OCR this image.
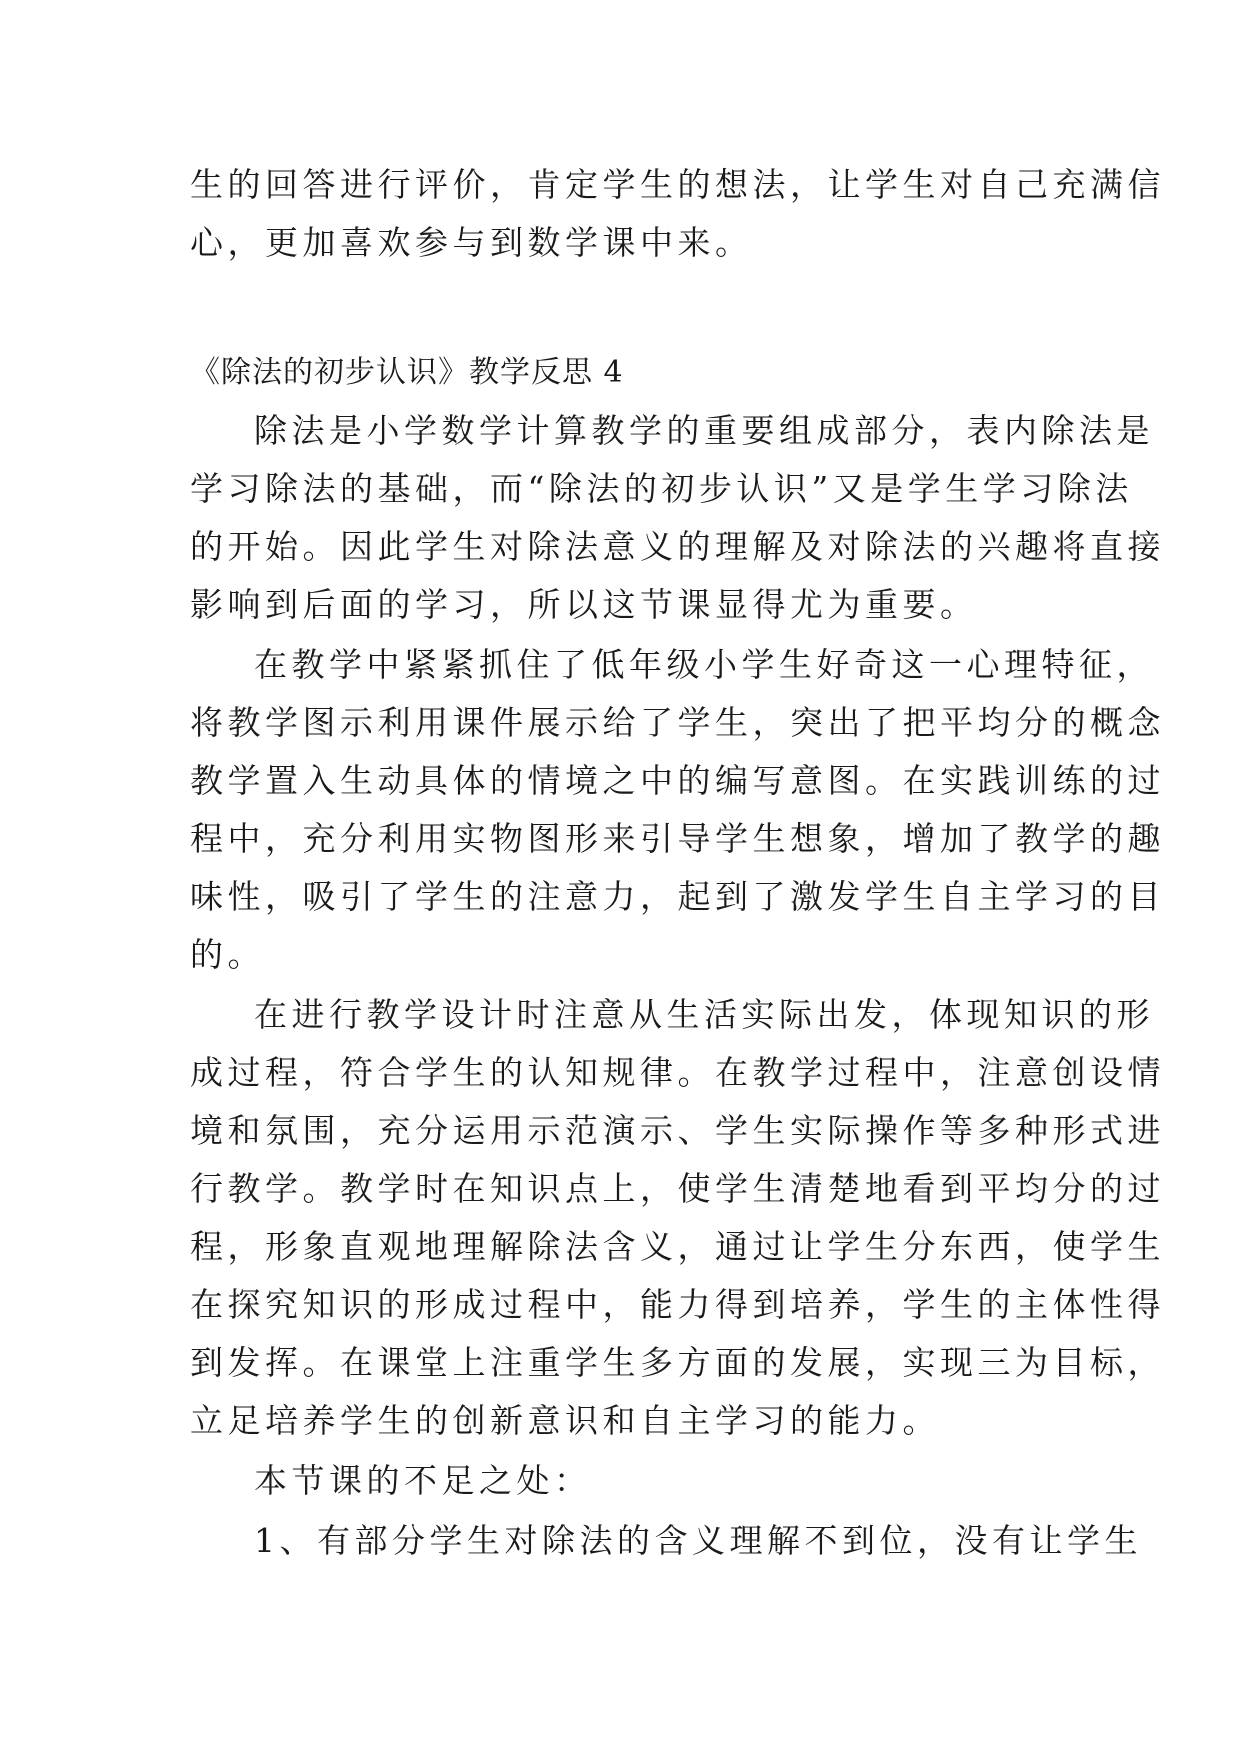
生的回答进行评价，肯定学生的想法，让学生对自己充满信
心，更加喜欢参与到数学课中来。
《除法的初步认识》教学反思 4
除法是小学数学计算教学的重要组成部分，表内除法是
学习除法的基础，而“除法的初步认识”又是学生学习除法
的开始。因此学生对除法意义的理解及对除法的兴趣将直接
影响到后面的学习，所以这节课显得尤为重要。
在教学中紧紧抓住了低年级小学生好奇这一心理特征，
将教学图示利用课件展示给了学生，突出了把平均分的概念
教学置入生动具体的情境之中的编写意图。在实践训练的过
程中，充分利用实物图形来引导学生想象，增加了教学的趣
味性，吸引了学生的注意力，起到了激发学生自主学习的目
的。
在进行教学设计时注意从生活实际出发，体现知识的形
成过程，符合学生的认知规律。在教学过程中，注意创设情
境和氛围，充分运用示范演示、学生实际操作等多种形式进
行教学。教学时在知识点上，使学生清楚地看到平均分的过
程，形象直观地理解除法含义，通过让学生分东西，使学生
在探究知识的形成过程中，能力得到培养，学生的主体性得
到发挥。在课堂上注重学生多方面的发展，实现三为目标，
立足培养学生的创新意识和自主学习的能力。
本节课的不足之处：
1、有部分学生对除法的含义理解不到位，没有让学生
